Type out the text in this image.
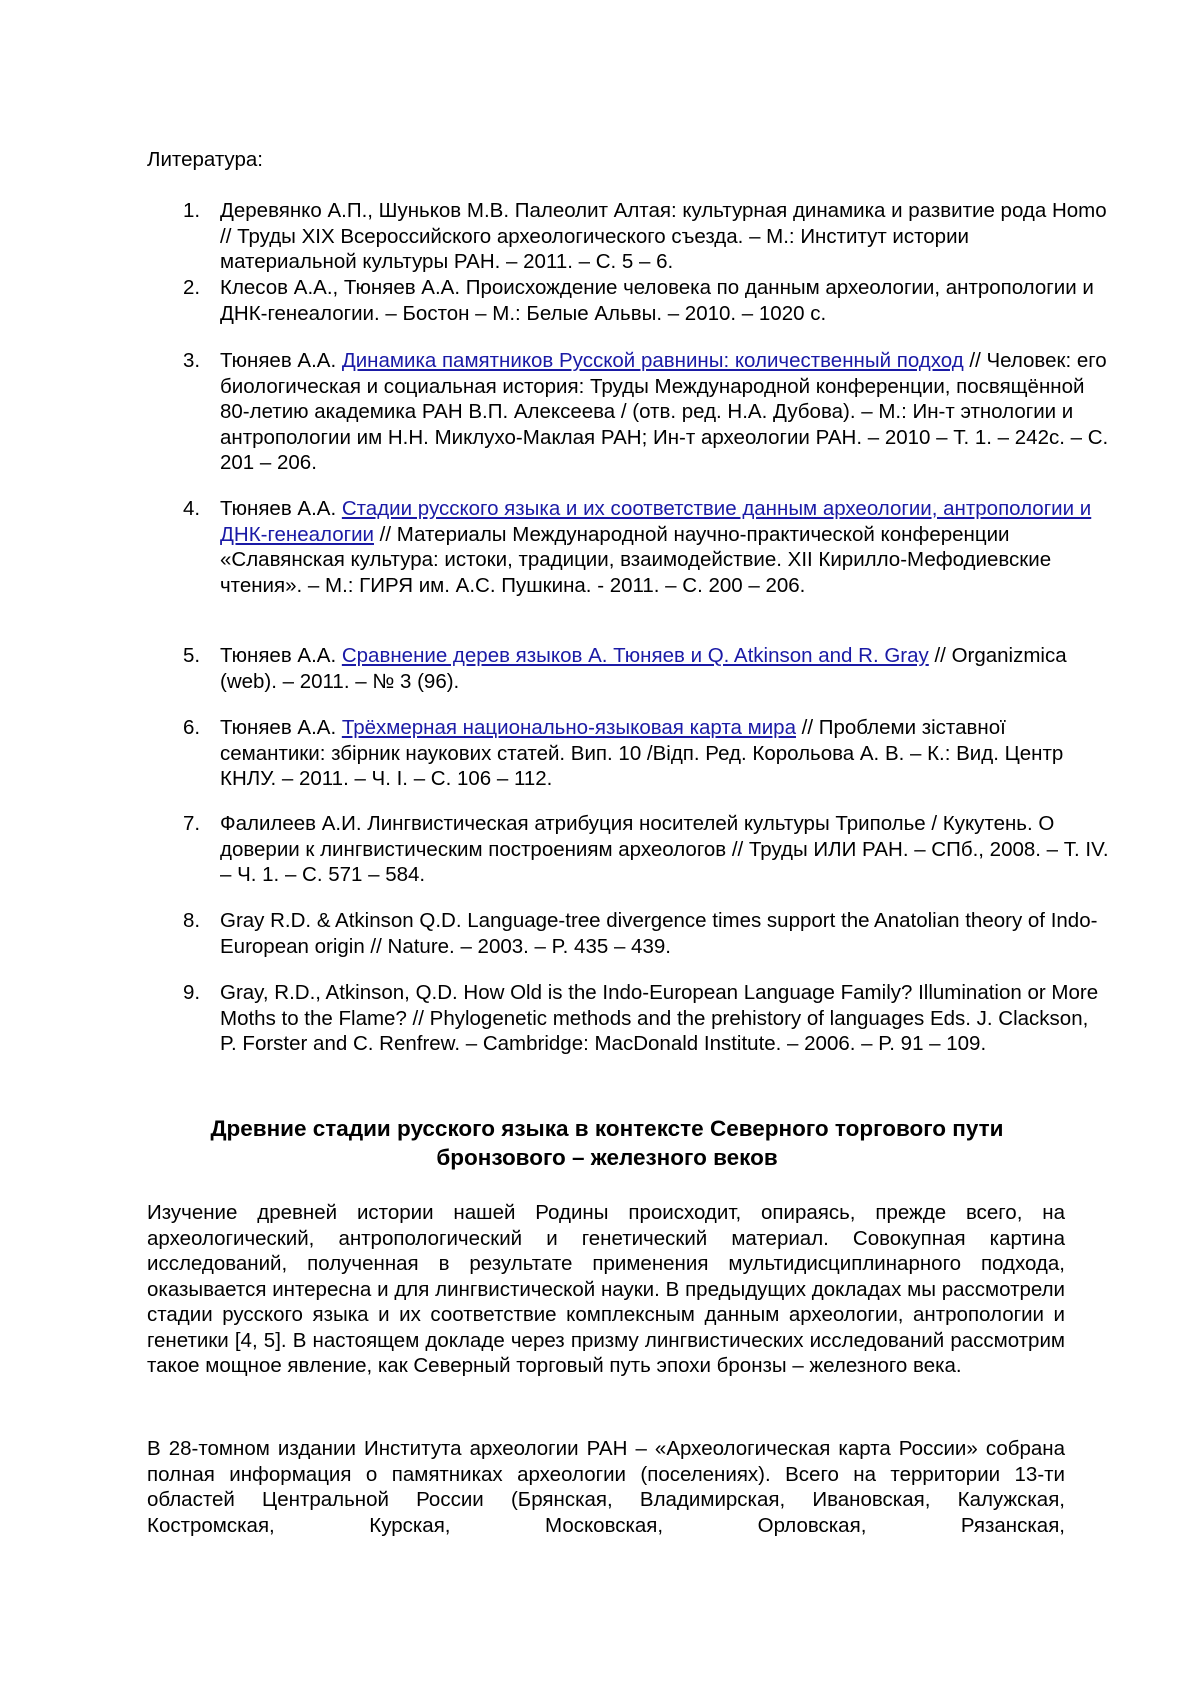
Литература:

1. Деревянко А.П., Шуньков М.В. Палеолит Алтая: культурная динамика и развитие рода Homo // Труды XIX Всероссийского археологического съезда. – М.: Институт истории материальной культуры РАН. – 2011. – С. 5 – 6.
2. Клесов А.А., Тюняев А.А. Происхождение человека по данным археологии, антропологии и ДНК-генеалогии. – Бостон – М.: Белые Альвы. – 2010. – 1020 с.
3. Тюняев А.А. Динамика памятников Русской равнины: количественный подход // Человек: его биологическая и социальная история: Труды Международной конференции, посвящённой 80-летию академика РАН В.П. Алексеева / (отв. ред. Н.А. Дубова). – М.: Ин-т этнологии и антропологии им Н.Н. Миклухо-Маклая РАН; Ин-т археологии РАН. – 2010 – Т. 1. – 242с. – С. 201 – 206.
4. Тюняев А.А. Стадии русского языка и их соответствие данным археологии, антропологии и ДНК-генеалогии // Материалы Международной научно-практической конференции «Славянская культура: истоки, традиции, взаимодействие. XII Кирилло-Мефодиевские чтения». – М.: ГИРЯ им. А.С. Пушкина. - 2011. – С. 200 – 206.
5. Тюняев А.А. Сравнение дерев языков А. Тюняев и Q. Atkinson and R. Gray // Organizmica (web). – 2011. – № 3 (96).
6. Тюняев А.А. Трёхмерная национально-языковая карта мира // Проблеми зіставної семантики: збірник наукових статей. Вип. 10 /Відп. Ред. Корольова А. В. – К.: Вид. Центр КНЛУ. – 2011. – Ч. І. – С. 106 – 112.
7. Фалилеев А.И. Лингвистическая атрибуция носителей культуры Триполье / Кукутень. О доверии к лингвистическим построениям археологов // Труды ИЛИ РАН. – СПб., 2008. – Т. IV. – Ч. 1. – С. 571 – 584.
8. Gray R.D. & Atkinson Q.D. Language-tree divergence times support the Anatolian theory of Indo-European origin // Nature. – 2003. – P. 435 – 439.
9. Gray, R.D., Atkinson, Q.D. How Old is the Indo-European Language Family? Illumination or More Moths to the Flame? // Phylogenetic methods and the prehistory of languages Eds. J. Clackson, P. Forster and C. Renfrew. – Cambridge: MacDonald Institute. – 2006. – P. 91 – 109.
Древние стадии русского языка в контексте Северного торгового пути бронзового – железного веков

Изучение древней истории нашей Родины происходит, опираясь, прежде всего, на археологический, антропологический и генетический материал. Совокупная картина исследований, полученная в результате применения мультидисциплинарного подхода, оказывается интересна и для лингвистической науки. В предыдущих докладах мы рассмотрели стадии русского языка и их соответствие комплексным данным археологии, антропологии и генетики [4, 5]. В настоящем докладе через призму лингвистических исследований рассмотрим такое мощное явление, как Северный торговый путь эпохи бронзы – железного века.

В 28-томном издании Института археологии РАН – «Археологическая карта России» собрана полная информация о памятниках археологии (поселениях). Всего на территории 13-ти областей Центральной России (Брянская, Владимирская, Ивановская, Калужская, Костромская, Курская, Московская, Орловская, Рязанская,
